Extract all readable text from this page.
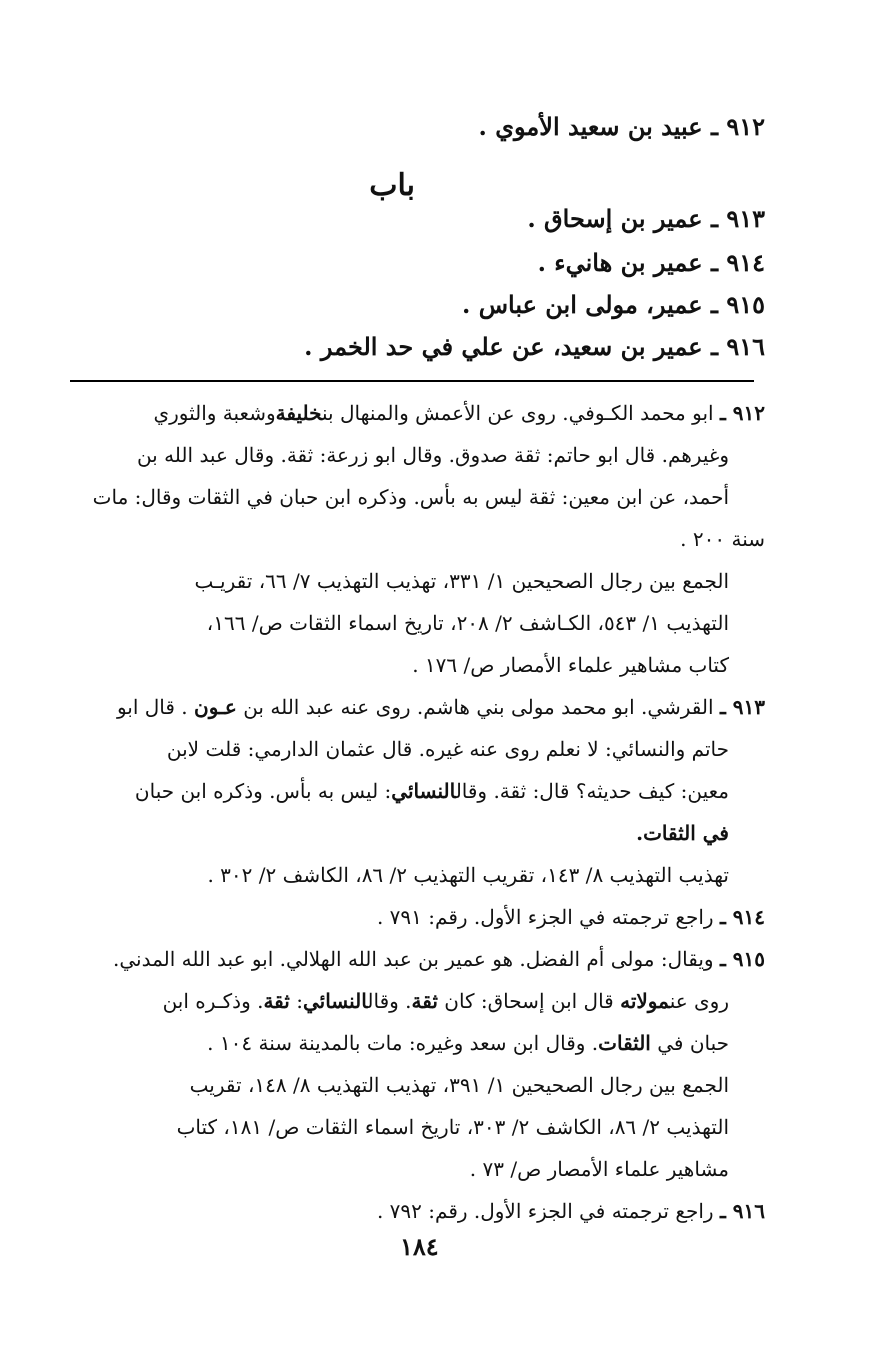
٩١٢ ـ عبيد بن سعيد الأموي .
باب
٩١٣ ـ عمير بن إسحاق .
٩١٤ ـ عمير بن هانيء .
٩١٥ ـ عمير، مولى ابن عباس .
٩١٦ ـ عمير بن سعيد، عن علي في حد الخمر .
٩١٢ ـ ابو محمد الكـوفي. روى عن الأعمش والمنهال بنخليفةوشعبة والثوري
وغيرهم. قال ابو حاتم: ثقة صدوق. وقال ابو زرعة: ثقة. وقال عبد الله بن
أحمد، عن ابن معين: ثقة ليس به بأس. وذكره ابن حبان في الثقات وقال: مات
سنة ٢٠٠ .
الجمع بين رجال الصحيحين ١/ ٣٣١، تهذيب التهذيب ٧/ ٦٦، تقريـب
التهذيب ١/ ٥٤٣، الكـاشف ٢/ ٢٠٨، تاريخ اسماء الثقات ص/ ١٦٦،
كتاب مشاهير علماء الأمصار ص/ ١٧٦ .
٩١٣ ـ القرشي. ابو محمد مولى بني هاشم. روى عنه عبد الله بن عـون . قال ابو
حاتم والنسائي: لا نعلم روى عنه غيره. قال عثمان الدارمي: قلت لابن
معين: كيف حديثه؟ قال: ثقة. وقالالنسائي: ليس به بأس. وذكره ابن حبان
في الثقات.
تهذيب التهذيب ٨/ ١٤٣، تقريب التهذيب ٢/ ٨٦، الكاشف ٢/ ٣٠٢ .
٩١٤ ـ راجع ترجمته في الجزء الأول. رقم: ٧٩١ .
٩١٥ ـ ويقال: مولى أم الفضل. هو عمير بن عبد الله الهلالي. ابو عبد الله المدني.
روى عنمولاته قال ابن إسحاق: كان ثقة. وقالالنسائي: ثقة. وذكـره ابن
حبان في الثقات. وقال ابن سعد وغيره: مات بالمدينة سنة ١٠٤ .
الجمع بين رجال الصحيحين ١/ ٣٩١، تهذيب التهذيب ٨/ ١٤٨، تقريب
التهذيب ٢/ ٨٦، الكاشف ٢/ ٣٠٣، تاريخ اسماء الثقات ص/ ١٨١، كتاب
مشاهير علماء الأمصار ص/ ٧٣ .
٩١٦ ـ راجع ترجمته في الجزء الأول. رقم: ٧٩٢ .
١٨٤
